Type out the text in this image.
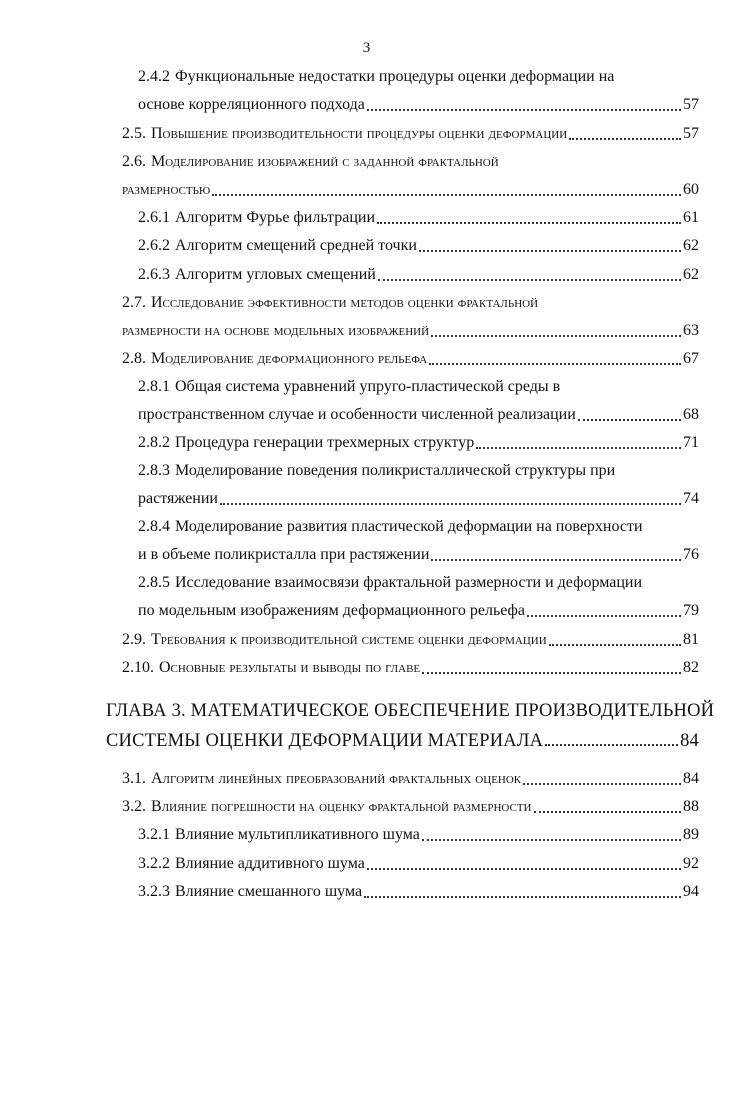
3
2.4.2 Функциональные недостатки процедуры оценки деформации на
основе корреляционного подхода	57
2.5. Повышение производительности процедуры оценки деформации	57
2.6. Моделирование изображений с заданной фрактальной
размерностью	60
2.6.1 Алгоритм Фурье фильтрации	61
2.6.2 Алгоритм смещений средней точки	62
2.6.3 Алгоритм угловых смещений	62
2.7. Исследование эффективности методов оценки фрактальной
размерности на основе модельных изображений	63
2.8. Моделирование деформационного рельефа	67
2.8.1 Общая система уравнений упруго-пластической среды в
пространственном случае и особенности численной реализации	68
2.8.2 Процедура генерации трехмерных структур	71
2.8.3 Моделирование поведения поликристаллической структуры при
растяжении	74
2.8.4 Моделирование развития пластической деформации на поверхности
и в объеме поликристалла при растяжении	76
2.8.5 Исследование взаимосвязи фрактальной размерности и деформации
по модельным изображениям деформационного рельефа	79
2.9. Требования к производительной системе оценки деформации	81
2.10. Основные результаты и выводы по главе	82
ГЛАВА 3. МАТЕМАТИЧЕСКОЕ ОБЕСПЕЧЕНИЕ ПРОИЗВОДИТЕЛЬНОЙ
СИСТЕМЫ ОЦЕНКИ ДЕФОРМАЦИИ МАТЕРИАЛА	84
3.1. Алгоритм линейных преобразований фрактальных оценок	84
3.2. Влияние погрешности на оценку фрактальной размерности	88
3.2.1 Влияние мультипликативного шума	89
3.2.2 Влияние аддитивного шума	92
3.2.3 Влияние смешанного шума	94
